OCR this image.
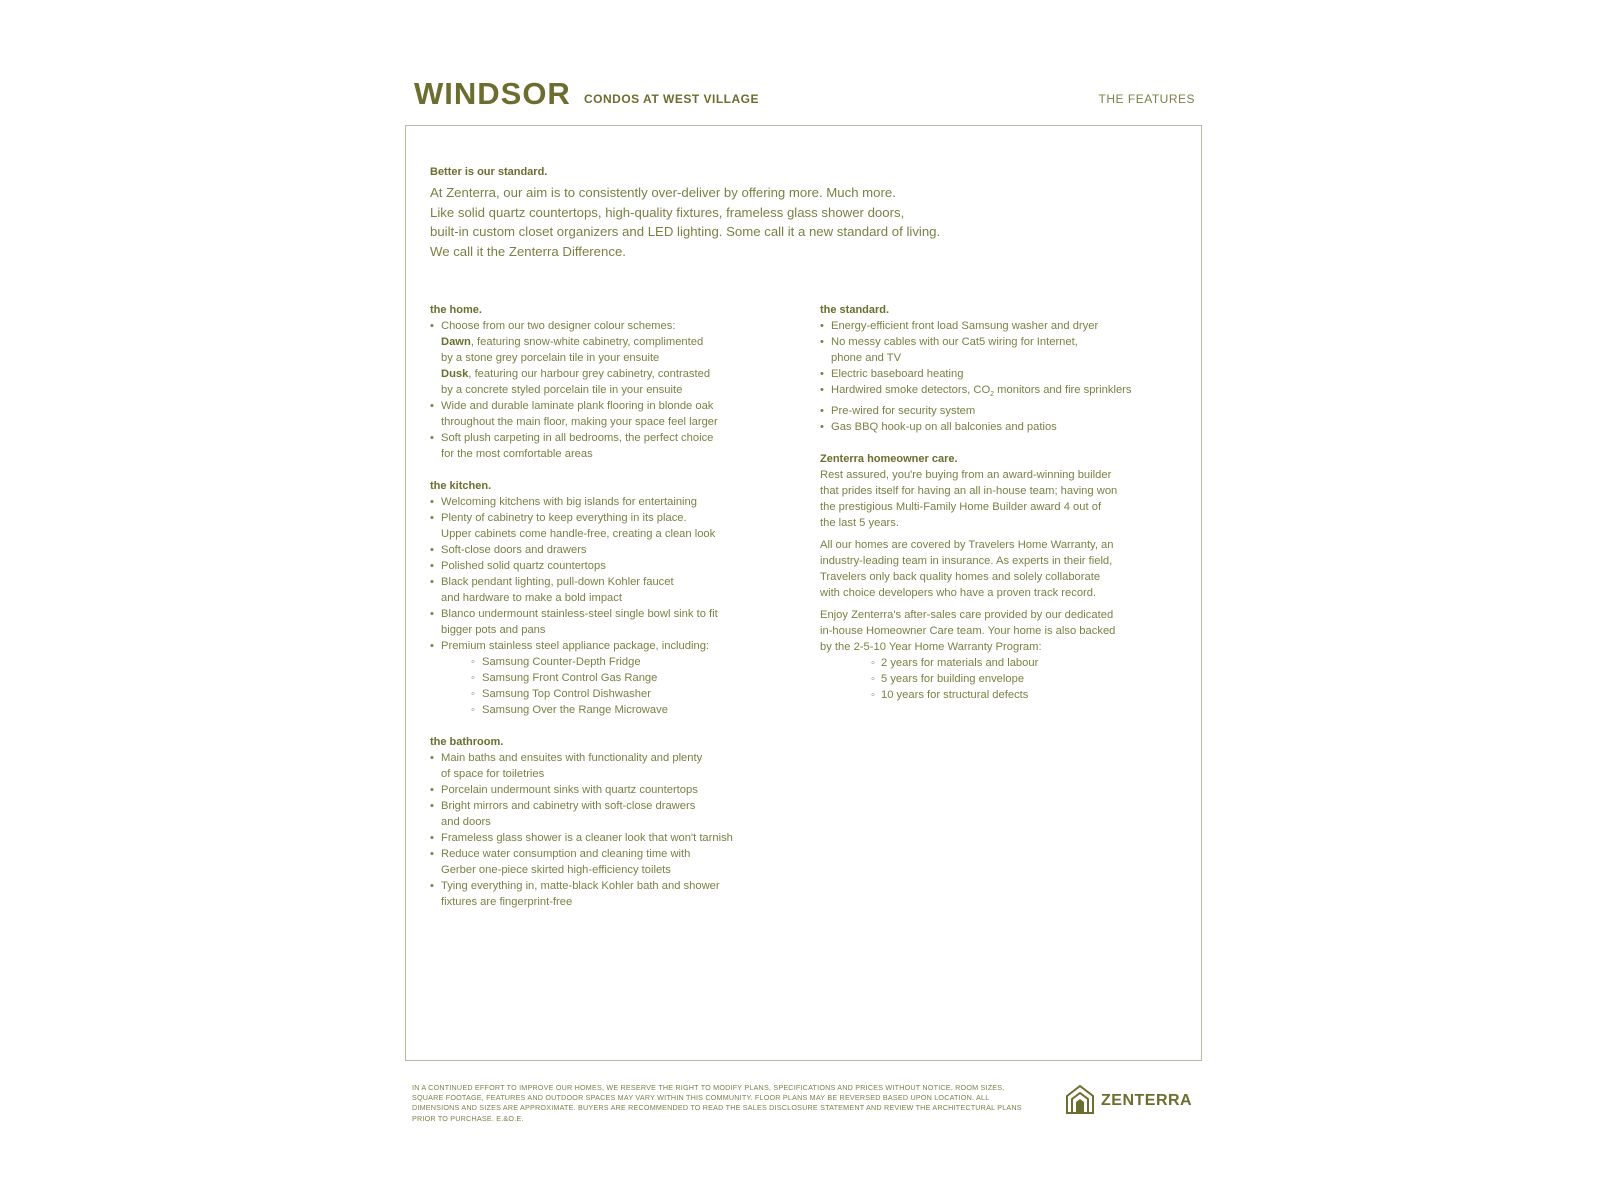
WINDSOR CONDOS AT WEST VILLAGE	THE FEATURES
Better is our standard.
At Zenterra, our aim is to consistently over-deliver by offering more. Much more.
Like solid quartz countertops, high-quality fixtures, frameless glass shower doors,
built-in custom closet organizers and LED lighting. Some call it a new standard of living.
We call it the Zenterra Difference.
the home.
• Choose from our two designer colour schemes:
Dawn, featuring snow-white cabinetry, complimented
by a stone grey porcelain tile in your ensuite
Dusk, featuring our harbour grey cabinetry, contrasted
by a concrete styled porcelain tile in your ensuite
• Wide and durable laminate plank flooring in blonde oak
throughout the main floor, making your space feel larger
• Soft plush carpeting in all bedrooms, the perfect choice
for the most comfortable areas
the kitchen.
• Welcoming kitchens with big islands for entertaining
• Plenty of cabinetry to keep everything in its place.
Upper cabinets come handle-free, creating a clean look
• Soft-close doors and drawers
• Polished solid quartz countertops
• Black pendant lighting, pull-down Kohler faucet
and hardware to make a bold impact
• Blanco undermount stainless-steel single bowl sink to fit
bigger pots and pans
• Premium stainless steel appliance package, including:
◦ Samsung Counter-Depth Fridge
◦ Samsung Front Control Gas Range
◦ Samsung Top Control Dishwasher
◦ Samsung Over the Range Microwave
the bathroom.
• Main baths and ensuites with functionality and plenty
of space for toiletries
• Porcelain undermount sinks with quartz countertops
• Bright mirrors and cabinetry with soft-close drawers
and doors
• Frameless glass shower is a cleaner look that won't tarnish
• Reduce water consumption and cleaning time with
Gerber one-piece skirted high-efficiency toilets
• Tying everything in, matte-black Kohler bath and shower
fixtures are fingerprint-free
the standard.
• Energy-efficient front load Samsung washer and dryer
• No messy cables with our Cat5 wiring for Internet,
phone and TV
• Electric baseboard heating
• Hardwired smoke detectors, $CO_2$ monitors and fire sprinklers
• Pre-wired for security system
• Gas BBQ hook-up on all balconies and patios
Zenterra homeowner care.
Rest assured, you're buying from an award-winning builder
that prides itself for having an all in-house team; having won
the prestigious Multi-Family Home Builder award 4 out of
the last 5 years.
All our homes are covered by Travelers Home Warranty, an
industry-leading team in insurance. As experts in their field,
Travelers only back quality homes and solely collaborate
with choice developers who have a proven track record.
Enjoy Zenterra's after-sales care provided by our dedicated
in-house Homeowner Care team. Your home is also backed
by the 2-5-10 Year Home Warranty Program:
◦ 2 years for materials and labour
◦ 5 years for building envelope
◦ 10 years for structural defects
IN A CONTINUED EFFORT TO IMPROVE OUR HOMES, WE RESERVE THE RIGHT TO MODIFY PLANS, SPECIFICATIONS AND PRICES WITHOUT NOTICE. ROOM SIZES, SQUARE FOOTAGE, FEATURES AND OUTDOOR SPACES MAY VARY WITHIN THIS COMMUNITY. FLOOR PLANS MAY BE REVERSED BASED UPON LOCATION. ALL DIMENSIONS AND SIZES ARE APPROXIMATE. BUYERS ARE RECOMMENDED TO READ THE SALES DISCLOSURE STATEMENT AND REVIEW THE ARCHITECTURAL PLANS PRIOR TO PURCHASE. E.&O.E.
ZENTERRA
